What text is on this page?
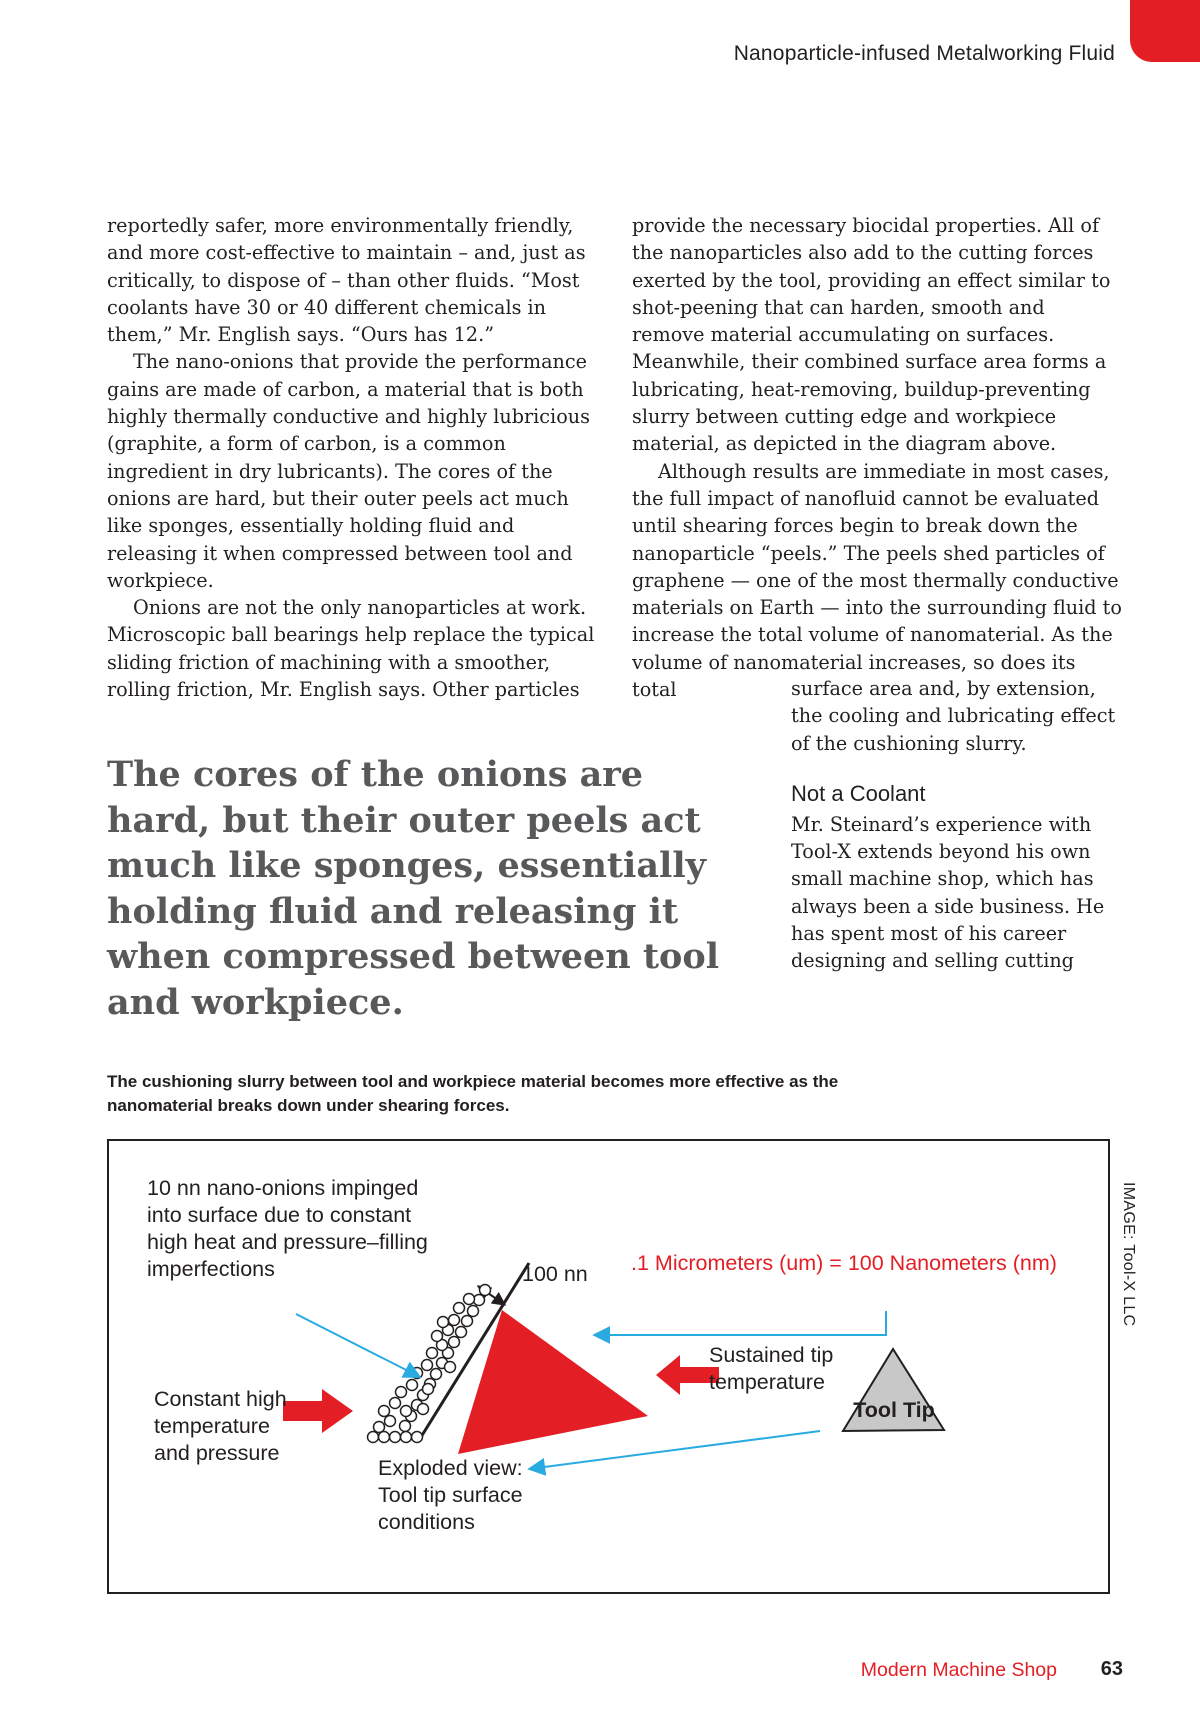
Nanoparticle-infused Metalworking Fluid

reportedly safer, more environmentally friendly, and more cost-effective to maintain – and, just as critically, to dispose of – than other fluids. “Most coolants have 30 or 40 different chemicals in them,” Mr. English says. “Ours has 12.”

The nano-onions that provide the performance gains are made of carbon, a material that is both highly thermally conductive and highly lubricious (graphite, a form of carbon, is a common ingredient in dry lubricants). The cores of the onions are hard, but their outer peels act much like sponges, essentially holding fluid and releasing it when compressed between tool and workpiece.

Onions are not the only nanoparticles at work. Microscopic ball bearings help replace the typical sliding friction of machining with a smoother, rolling friction, Mr. English says. Other particles

provide the necessary biocidal properties. All of the nanoparticles also add to the cutting forces exerted by the tool, providing an effect similar to shot-peening that can harden, smooth and remove material accumulating on surfaces. Meanwhile, their combined surface area forms a lubricating, heat-removing, buildup-preventing slurry between cutting edge and workpiece material, as depicted in the diagram above.

Although results are immediate in most cases, the full impact of nanofluid cannot be evaluated until shearing forces begin to break down the nanoparticle “peels.” The peels shed particles of graphene — one of the most thermally conductive materials on Earth — into the surrounding fluid to increase the total volume of nanomaterial. As the volume of nanomaterial increases, so does its total	surface area and, by extension, the cooling and lubricating effect of the cushioning slurry.

Not a Coolant

Mr. Steinard’s experience with Tool-X extends beyond his own small machine shop, which has always been a side business. He has spent most of his career designing and selling cutting

The cores of the onions are hard, but their outer peels act much like sponges, essentially holding fluid and releasing it when compressed between tool and workpiece.

The cushioning slurry between tool and workpiece material becomes more effective as the nanomaterial breaks down under shearing forces.

10 nn nano-onions impinged into surface due to constant high heat and pressure–filling imperfections	100 nn .1 Micrometers (um) = 100 Nanometers (nm)

Sustained tip temperature

Constant high temperature and pressure

Exploded view: Tool tip surface conditions

Tool Tip

IMAGE: Tool-X LLC
Modern Machine Shop 63
